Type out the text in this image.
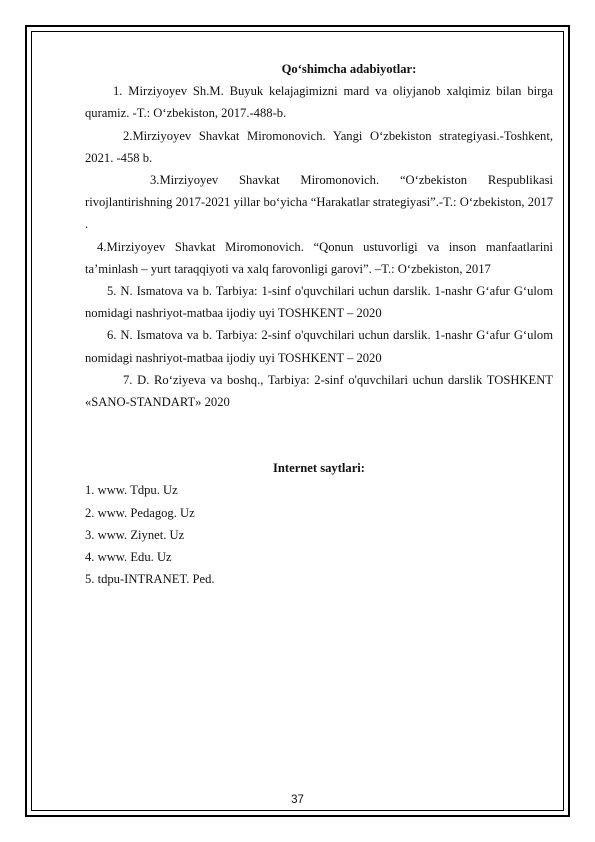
Qo‘shimcha adabiyotlar:

1. Mirziyoyev Sh.M. Buyuk kelajagimizni mard va oliyjanob xalqimiz bilan birga quramiz. -T.: O‘zbekiston, 2017.-488-b.

2.Mirziyoyev Shavkat Miromonovich. Yangi O‘zbekiston strategiyasi.-Toshkent, 2021. -458 b.

3.Mirziyoyev Shavkat Miromonovich. “O‘zbekiston Respublikasi rivojlantirishning 2017-2021 yillar bo‘yicha “Harakatlar strategiyasi”.-T.: O‘zbekiston, 2017 .

4.Mirziyoyev Shavkat Miromonovich. “Qonun ustuvorligi va inson manfaatlarini ta’minlash – yurt taraqqiyoti va xalq farovonligi garovi”. –T.: O‘zbekiston, 2017

5. N. Ismatova va b. Tarbiya: 1-sinf o'quvchilari uchun darslik. 1-nashr G‘afur G‘ulom nomidagi nashriyot-matbaa ijodiy uyi TOSHKENT – 2020

6. N. Ismatova va b. Tarbiya: 2-sinf o'quvchilari uchun darslik. 1-nashr G‘afur G‘ulom nomidagi nashriyot-matbaa ijodiy uyi TOSHKENT – 2020

7. D. Ro‘ziyeva va boshq., Tarbiya: 2-sinf o'quvchilari uchun darslik TOSHKENT «SANO-STANDART» 2020

Internet saytlari:
1. www. Tdpu. Uz
2. www. Pedagog. Uz
3. www. Ziynet. Uz
4. www. Edu. Uz
5. tdpu-INTRANET. Ped.
37
